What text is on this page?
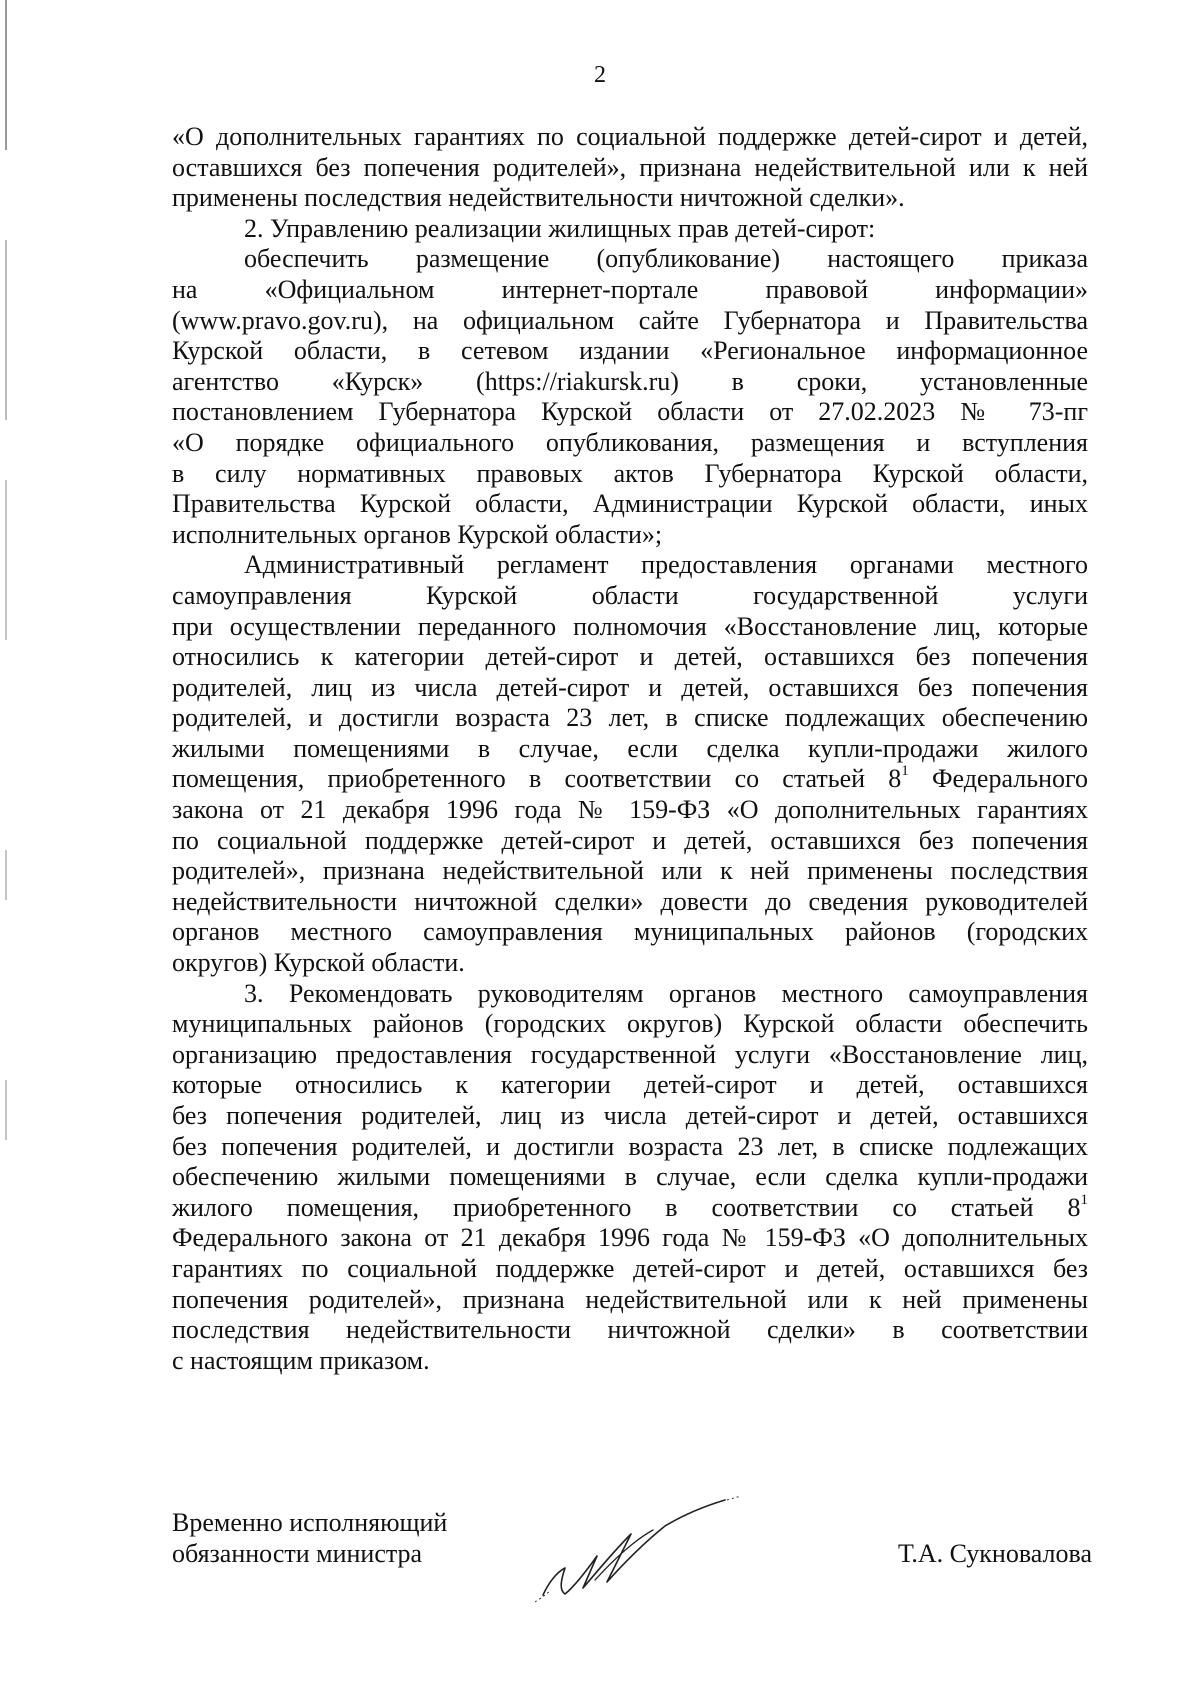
2
«О дополнительных гарантиях по социальной поддержке детей-сирот и детей,
оставшихся без попечения родителей», признана недействительной или к ней
применены последствия недействительности ничтожной сделки».
2. Управлению реализации жилищных прав детей-сирот:
обеспечить размещение (опубликование) настоящего приказа
на «Официальном интернет-портале правовой информации»
(www.pravo.gov.ru), на официальном сайте Губернатора и Правительства
Курской области, в сетевом издании «Региональное информационное
агентство «Курск» (https://riakursk.ru) в сроки, установленные
постановлением Губернатора Курской области от 27.02.2023 № 73-пг
«О порядке официального опубликования, размещения и вступления
в силу нормативных правовых актов Губернатора Курской области,
Правительства Курской области, Администрации Курской области, иных
исполнительных органов Курской области»;
Административный регламент предоставления органами местного
самоуправления Курской области государственной услуги
при осуществлении переданного полномочия «Восстановление лиц, которые
относились к категории детей-сирот и детей, оставшихся без попечения
родителей, лиц из числа детей-сирот и детей, оставшихся без попечения
родителей, и достигли возраста 23 лет, в списке подлежащих обеспечению
жилыми помещениями в случае, если сделка купли-продажи жилого
помещения, приобретенного в соответствии со статьей $8^1$ Федерального
закона от 21 декабря 1996 года № 159-ФЗ «О дополнительных гарантиях
по социальной поддержке детей-сирот и детей, оставшихся без попечения
родителей», признана недействительной или к ней применены последствия
недействительности ничтожной сделки» довести до сведения руководителей
органов местного самоуправления муниципальных районов (городских
округов) Курской области.
3. Рекомендовать руководителям органов местного самоуправления
муниципальных районов (городских округов) Курской области обеспечить
организацию предоставления государственной услуги «Восстановление лиц,
которые относились к категории детей-сирот и детей, оставшихся
без попечения родителей, лиц из числа детей-сирот и детей, оставшихся
без попечения родителей, и достигли возраста 23 лет, в списке подлежащих
обеспечению жилыми помещениями в случае, если сделка купли-продажи
жилого помещения, приобретенного в соответствии со статьей $8^1$
Федерального закона от 21 декабря 1996 года № 159-ФЗ «О дополнительных
гарантиях по социальной поддержке детей-сирот и детей, оставшихся без
попечения родителей», признана недействительной или к ней применены
последствия недействительности ничтожной сделки» в соответствии
с настоящим приказом.
Временно исполняющий
обязанности министра	Т.А. Сукновалова
